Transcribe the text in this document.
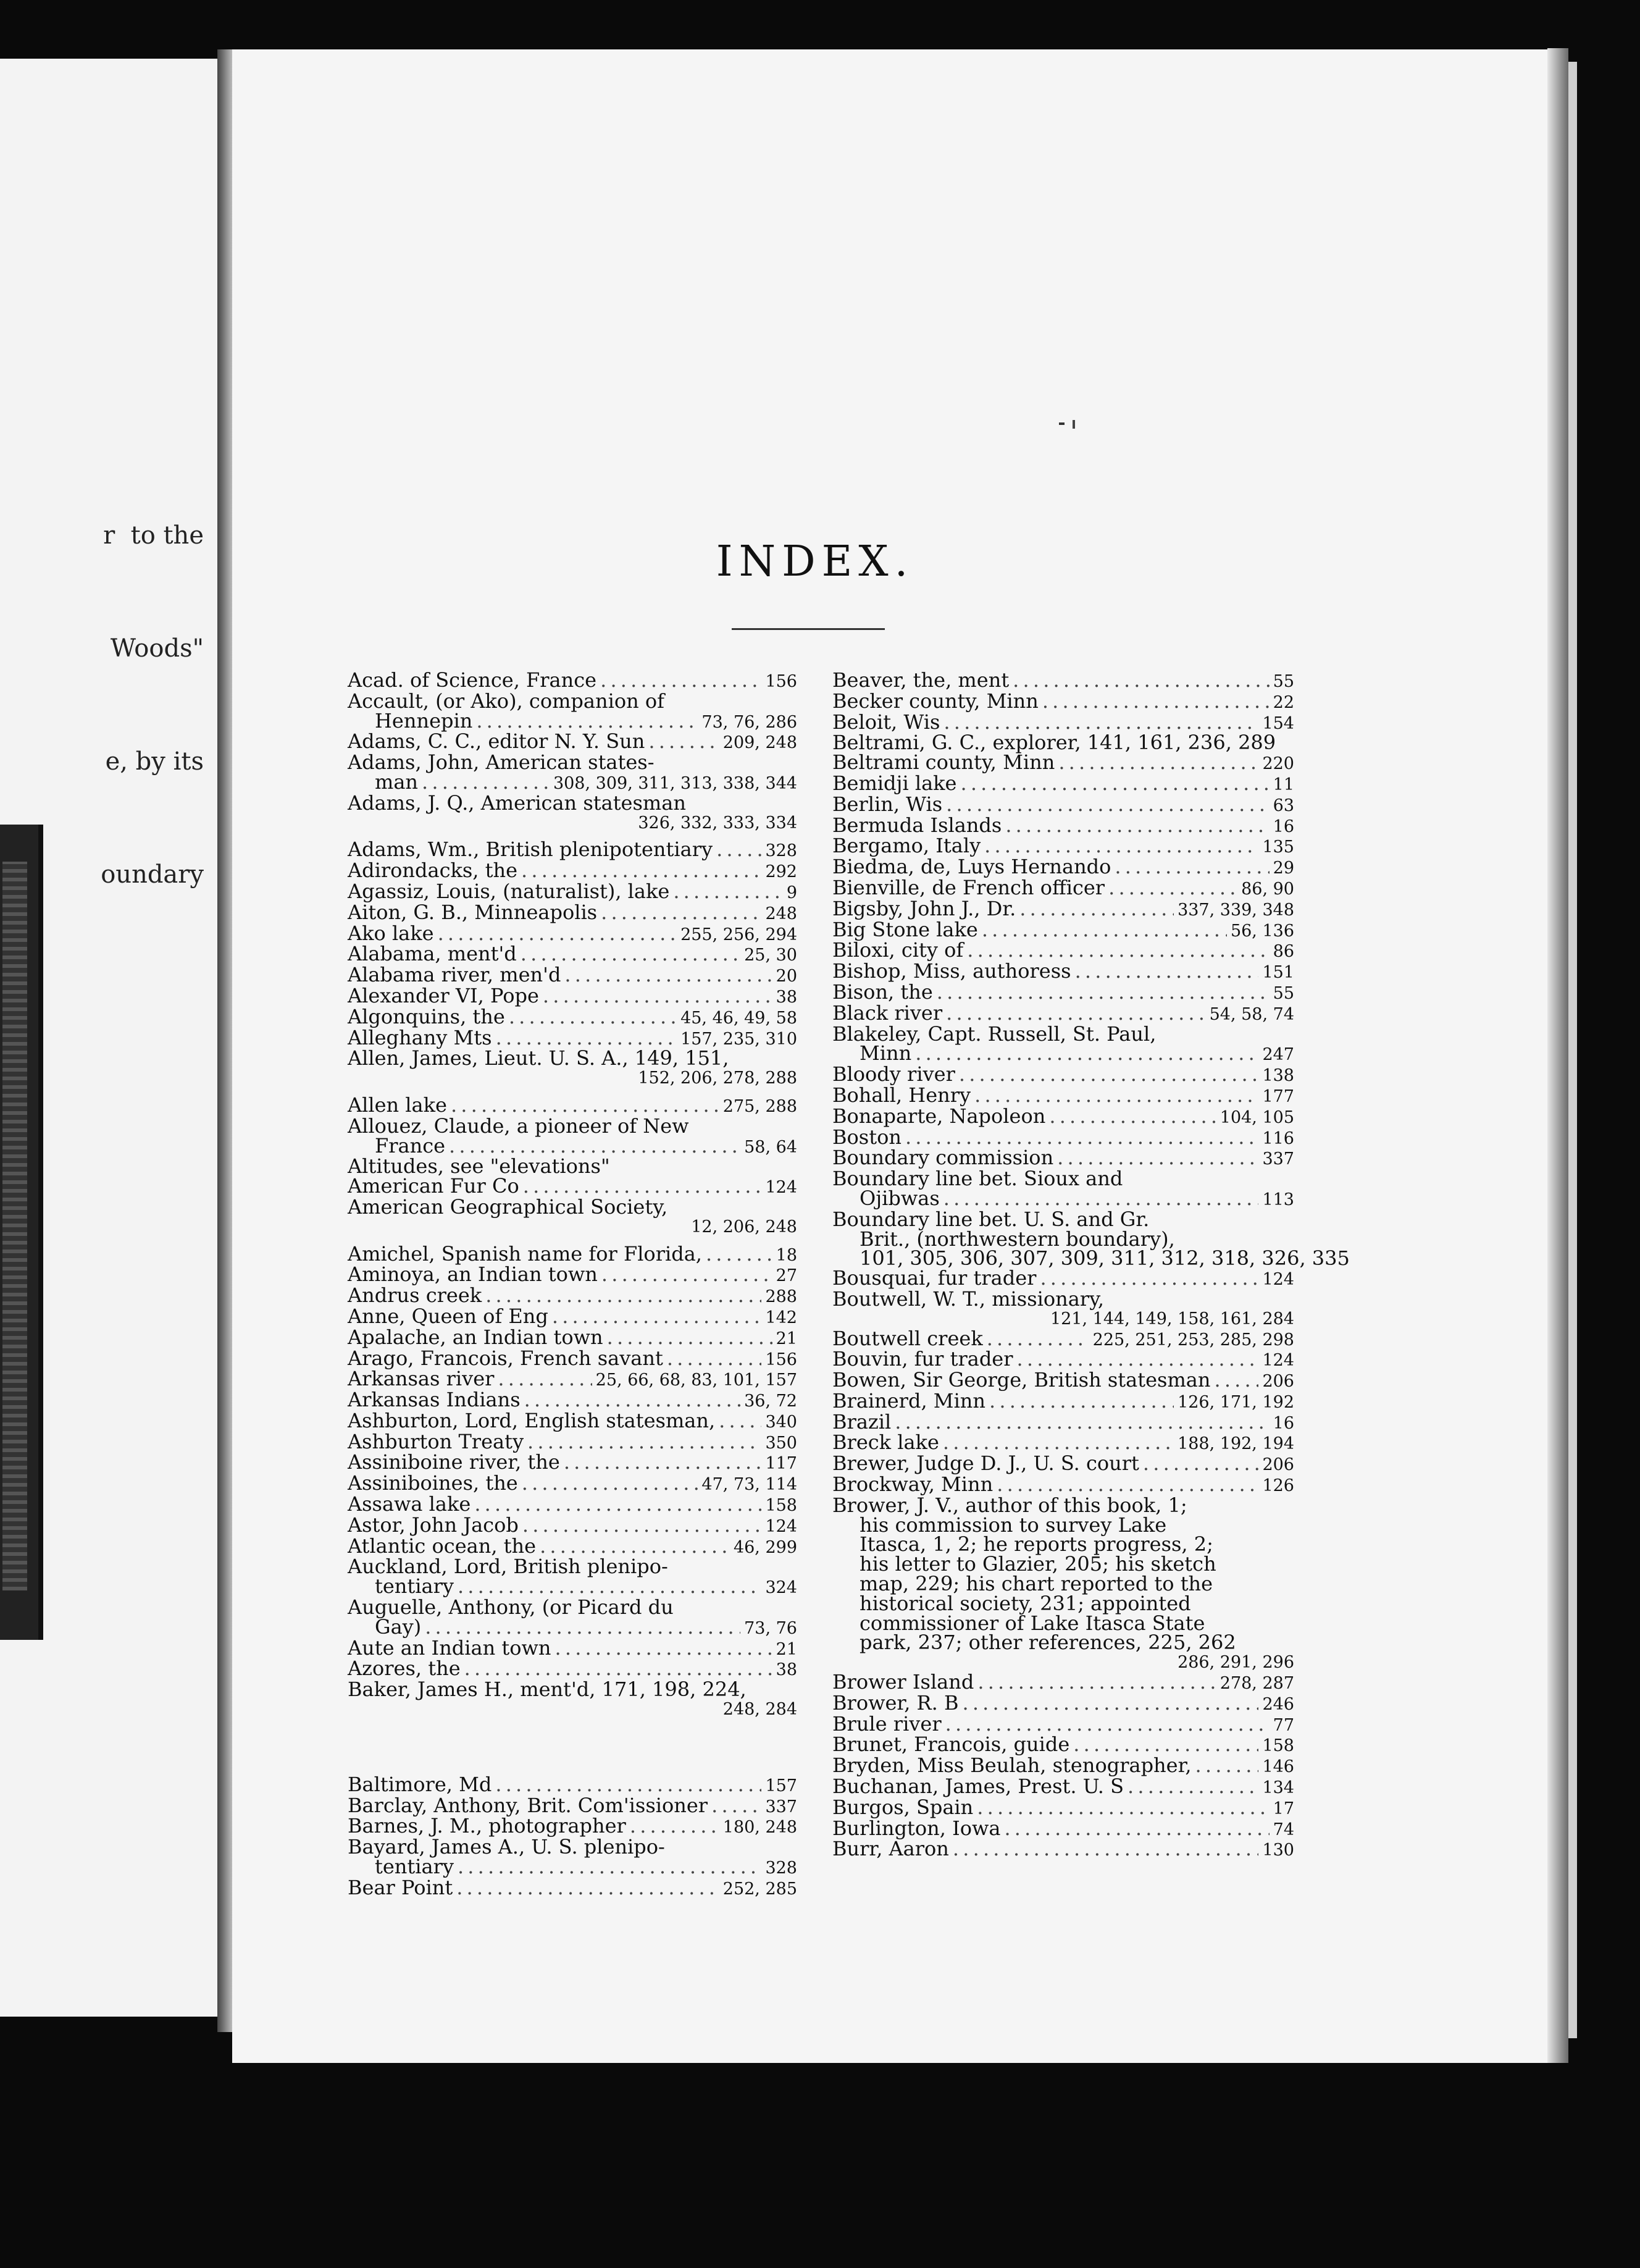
r  to the

Woods"

e, by its

oundary

INDEX.
Acad. of Science, France . . .	156
Accault, (or Ako), companion of
Hennepin . . .	73, 76, 286
Adams, C. C., editor N. Y. Sun . . .	209, 248
Adams, John, American states-
man . . .	308, 309, 311, 313, 338, 344
Adams, J. Q., American statesman
326, 332, 333, 334
Adams, Wm., British plenipotentiary . . .	328
Adirondacks, the . . .	292
Agassiz, Louis, (naturalist), lake . . .	9
Aiton, G. B., Minneapolis . . .	248
Ako lake . . .	255, 256, 294
Alabama, ment'd . . .	25, 30
Alabama river, men'd . . .	20
Alexander VI, Pope . . .	38
Algonquins, the . . .	45, 46, 49, 58
Alleghany Mts . . .	157, 235, 310
Allen, James, Lieut. U. S. A., 149, 151,
152, 206, 278, 288
Allen lake . . .	275, 288
Allouez, Claude, a pioneer of New
France . . .	58, 64
Altitudes, see "elevations"
American Fur Co . . .	124
American Geographical Society,
12, 206, 248
Amichel, Spanish name for Florida, . . .	18
Aminoya, an Indian town . . .	27
Andrus creek . . .	288
Anne, Queen of Eng . . .	142
Apalache, an Indian town . . .	21
Arago, Francois, French savant . . .	156
Arkansas river . . .	25, 66, 68, 83, 101, 157
Arkansas Indians . . .	36, 72
Ashburton, Lord, English statesman, . . .	340
Ashburton Treaty . . .	350
Assiniboine river, the . . .	117
Assiniboines, the . . .	47, 73, 114
Assawa lake . . .	158
Astor, John Jacob . . .	124
Atlantic ocean, the . . .	46, 299
Auckland, Lord, British plenipo-
tentiary . . .	324
Auguelle, Anthony, (or Picard du
Gay) . . .	73, 76
Aute an Indian town . . .	21
Azores, the . . .	38
Baker, James H., ment'd, 171, 198, 224,
248, 284
Baltimore, Md . . .	157
Barclay, Anthony, Brit. Com'issioner . . .	337
Barnes, J. M., photographer . . .	180, 248
Bayard, James A., U. S. plenipo-
tentiary . . .	328
Bear Point . . .	252, 285
Beaver, the, ment . . .	55
Becker county, Minn . . .	22
Beloit, Wis . . .	154
Beltrami, G. C., explorer, 141, 161, 236, 289
Beltrami county, Minn . . .	220
Bemidji lake . . .	11
Berlin, Wis . . .	63
Bermuda Islands . . .	16
Bergamo, Italy . . .	135
Biedma, de, Luys Hernando . . .	29
Bienville, de French officer . . .	86, 90
Bigsby, John J., Dr. . . .	337, 339, 348
Big Stone lake . . .	56, 136
Biloxi, city of . . .	86
Bishop, Miss, authoress . . .	151
Bison, the . . .	55
Black river . . .	54, 58, 74
Blakeley, Capt. Russell, St. Paul,
Minn . . .	247
Bloody river . . .	138
Bohall, Henry . . .	177
Bonaparte, Napoleon . . .	104, 105
Boston . . .	116
Boundary commission . . .	337
Boundary line bet. Sioux and
Ojibwas . . .	113
Boundary line bet. U. S. and Gr.
Brit., (northwestern boundary),
101, 305, 306, 307, 309, 311, 312, 318, 326, 335
Bousquai, fur trader . . .	124
Boutwell, W. T., missionary,
121, 144, 149, 158, 161, 284
Boutwell creek . . .	225, 251, 253, 285, 298
Bouvin, fur trader . . .	124
Bowen, Sir George, British statesman . . .	206
Brainerd, Minn . . .	126, 171, 192
Brazil . . .	16
Breck lake . . .	188, 192, 194
Brewer, Judge D. J., U. S. court . . .	206
Brockway, Minn . . .	126
Brower, J. V., author of this book, 1;
his commission to survey Lake
Itasca, 1, 2; he reports progress, 2;
his letter to Glazier, 205; his sketch
map, 229; his chart reported to the
historical society, 231; appointed
commissioner of Lake Itasca State
park, 237; other references, 225, 262
286, 291, 296
Brower Island . . .	278, 287
Brower, R. B . . .	246
Brule river . . .	77
Brunet, Francois, guide . . .	158
Bryden, Miss Beulah, stenographer, . . .	146
Buchanan, James, Prest. U. S . . .	134
Burgos, Spain . . .	17
Burlington, Iowa . . .	74
Burr, Aaron . . .	130
